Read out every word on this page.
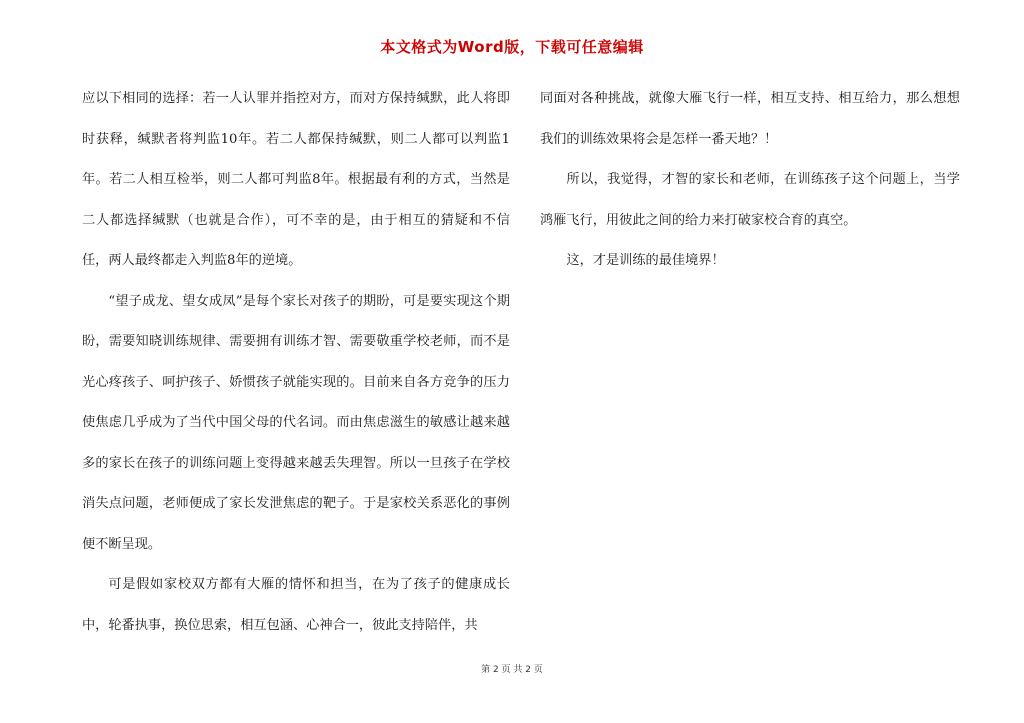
本文格式为Word版，下载可任意编辑

应以下相同的选择：若一人认罪并指控对方，而对方保持缄默，此人将即时获释，缄默者将判监10年。若二人都保持缄默，则二人都可以判监1年。若二人相互检举，则二人都可判监8年。根据最有利的方式，当然是二人都选择缄默（也就是合作），可不幸的是，由于相互的猜疑和不信任，两人最终都走入判监8年的逆境。

“望子成龙、望女成凤”是每个家长对孩子的期盼，可是要实现这个期盼，需要知晓训练规律、需要拥有训练才智、需要敬重学校老师，而不是光心疼孩子、呵护孩子、娇惯孩子就能实现的。目前来自各方竞争的压力使焦虑几乎成为了当代中国父母的代名词。而由焦虑滋生的敏感让越来越多的家长在孩子的训练问题上变得越来越丢失理智。所以一旦孩子在学校消失点问题，老师便成了家长发泄焦虑的靶子。于是家校关系恶化的事例便不断呈现。

可是假如家校双方都有大雁的情怀和担当，在为了孩子的健康成长中，轮番执事，换位思索，相互包涵、心神合一，彼此支持陪伴，共

同面对各种挑战，就像大雁飞行一样，相互支持、相互给力，那么想想我们的训练效果将会是怎样一番天地？！

所以，我觉得，才智的家长和老师，在训练孩子这个问题上，当学鸿雁飞行，用彼此之间的给力来打破家校合育的真空。

这，才是训练的最佳境界！

第 2 页 共 2 页
